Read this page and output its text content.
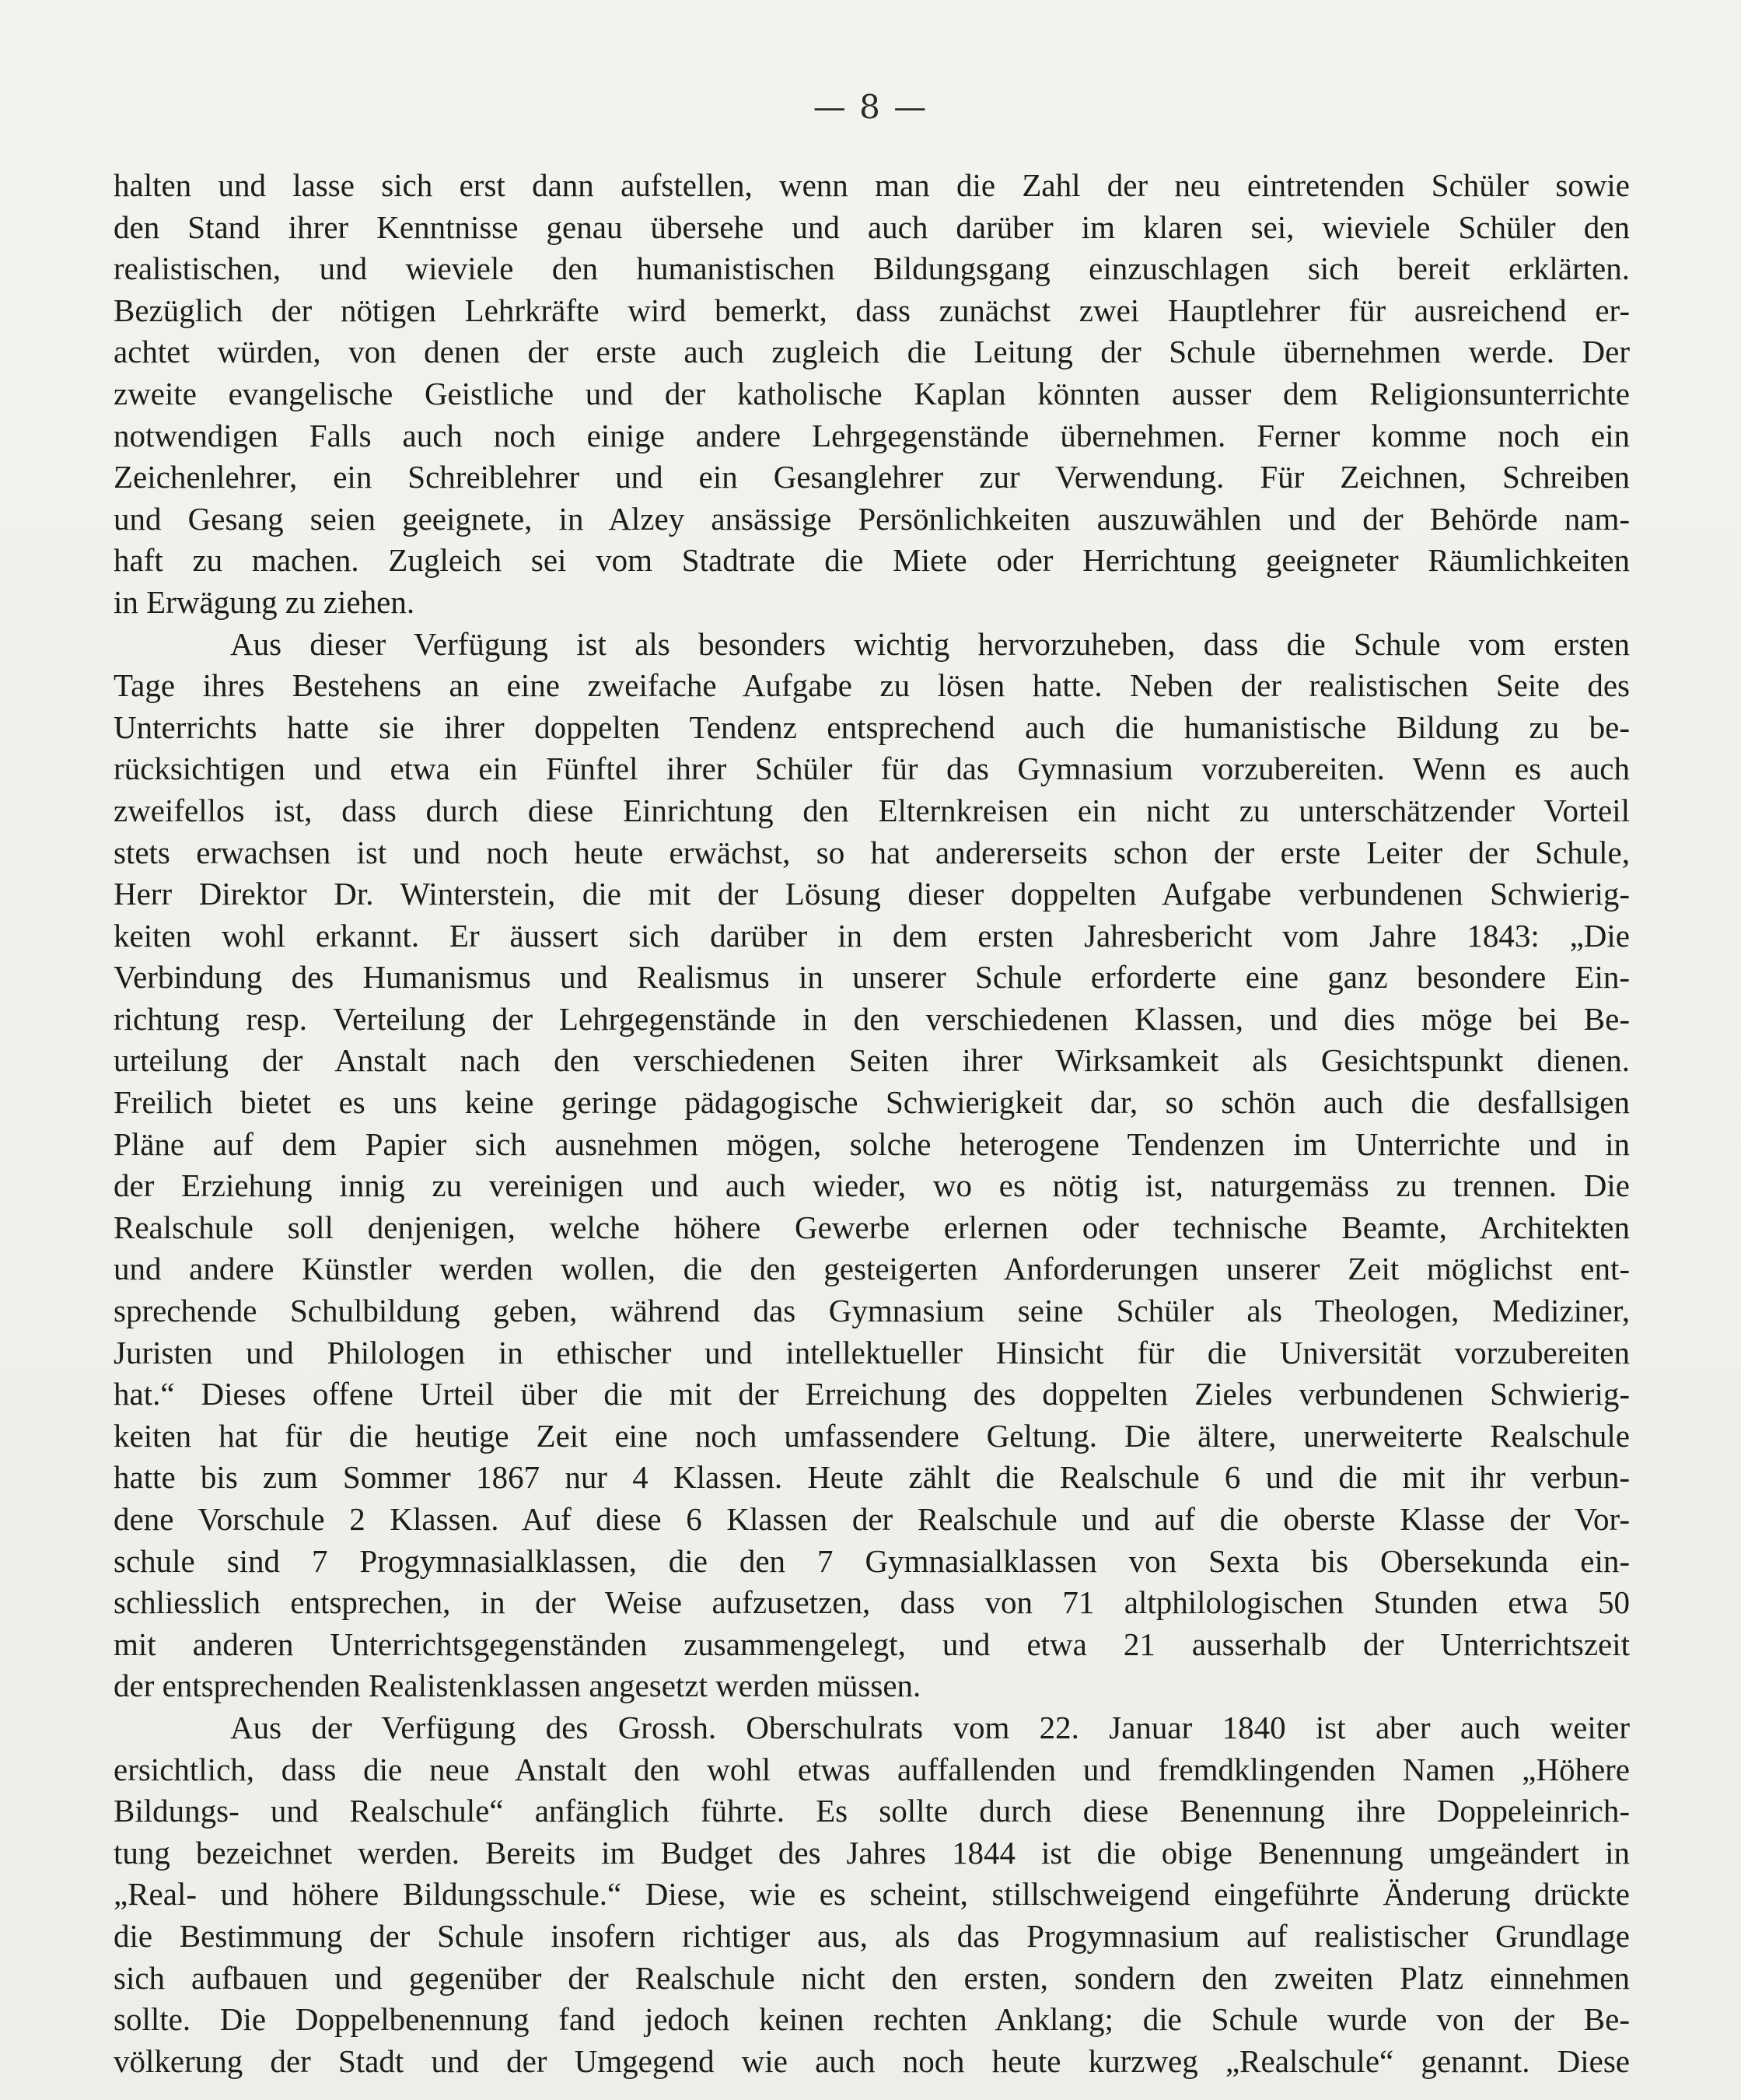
— 8 —
halten und lasse sich erst dann aufstellen, wenn man die Zahl der neu eintretenden Schüler sowie
den Stand ihrer Kenntnisse genau übersehe und auch darüber im klaren sei, wieviele Schüler den
realistischen, und wieviele den humanistischen Bildungsgang einzuschlagen sich bereit erklärten.
Bezüglich der nötigen Lehrkräfte wird bemerkt, dass zunächst zwei Hauptlehrer für ausreichend er-
achtet würden, von denen der erste auch zugleich die Leitung der Schule übernehmen werde. Der
zweite evangelische Geistliche und der katholische Kaplan könnten ausser dem Religionsunterrichte
notwendigen Falls auch noch einige andere Lehrgegenstände übernehmen. Ferner komme noch ein
Zeichenlehrer, ein Schreiblehrer und ein Gesanglehrer zur Verwendung. Für Zeichnen, Schreiben
und Gesang seien geeignete, in Alzey ansässige Persönlichkeiten auszuwählen und der Behörde nam-
haft zu machen. Zugleich sei vom Stadtrate die Miete oder Herrichtung geeigneter Räumlichkeiten
in Erwägung zu ziehen.
Aus dieser Verfügung ist als besonders wichtig hervorzuheben, dass die Schule vom ersten
Tage ihres Bestehens an eine zweifache Aufgabe zu lösen hatte. Neben der realistischen Seite des
Unterrichts hatte sie ihrer doppelten Tendenz entsprechend auch die humanistische Bildung zu be-
rücksichtigen und etwa ein Fünftel ihrer Schüler für das Gymnasium vorzubereiten. Wenn es auch
zweifellos ist, dass durch diese Einrichtung den Elternkreisen ein nicht zu unterschätzender Vorteil
stets erwachsen ist und noch heute erwächst, so hat andererseits schon der erste Leiter der Schule,
Herr Direktor Dr. Winterstein, die mit der Lösung dieser doppelten Aufgabe verbundenen Schwierig-
keiten wohl erkannt. Er äussert sich darüber in dem ersten Jahresbericht vom Jahre 1843: „Die
Verbindung des Humanismus und Realismus in unserer Schule erforderte eine ganz besondere Ein-
richtung resp. Verteilung der Lehrgegenstände in den verschiedenen Klassen, und dies möge bei Be-
urteilung der Anstalt nach den verschiedenen Seiten ihrer Wirksamkeit als Gesichtspunkt dienen.
Freilich bietet es uns keine geringe pädagogische Schwierigkeit dar, so schön auch die desfallsigen
Pläne auf dem Papier sich ausnehmen mögen, solche heterogene Tendenzen im Unterrichte und in
der Erziehung innig zu vereinigen und auch wieder, wo es nötig ist, naturgemäss zu trennen. Die
Realschule soll denjenigen, welche höhere Gewerbe erlernen oder technische Beamte, Architekten
und andere Künstler werden wollen, die den gesteigerten Anforderungen unserer Zeit möglichst ent-
sprechende Schulbildung geben, während das Gymnasium seine Schüler als Theologen, Mediziner,
Juristen und Philologen in ethischer und intellektueller Hinsicht für die Universität vorzubereiten
hat.“ Dieses offene Urteil über die mit der Erreichung des doppelten Zieles verbundenen Schwierig-
keiten hat für die heutige Zeit eine noch umfassendere Geltung. Die ältere, unerweiterte Realschule
hatte bis zum Sommer 1867 nur 4 Klassen. Heute zählt die Realschule 6 und die mit ihr verbun-
dene Vorschule 2 Klassen. Auf diese 6 Klassen der Realschule und auf die oberste Klasse der Vor-
schule sind 7 Progymnasialklassen, die den 7 Gymnasialklassen von Sexta bis Obersekunda ein-
schliesslich entsprechen, in der Weise aufzusetzen, dass von 71 altphilologischen Stunden etwa 50
mit anderen Unterrichtsgegenständen zusammengelegt, und etwa 21 ausserhalb der Unterrichtszeit
der entsprechenden Realistenklassen angesetzt werden müssen.
Aus der Verfügung des Grossh. Oberschulrats vom 22. Januar 1840 ist aber auch weiter
ersichtlich, dass die neue Anstalt den wohl etwas auffallenden und fremdklingenden Namen „Höhere
Bildungs- und Realschule“ anfänglich führte. Es sollte durch diese Benennung ihre Doppeleinrich-
tung bezeichnet werden. Bereits im Budget des Jahres 1844 ist die obige Benennung umgeändert in
„Real- und höhere Bildungsschule.“ Diese, wie es scheint, stillschweigend eingeführte Änderung drückte
die Bestimmung der Schule insofern richtiger aus, als das Progymnasium auf realistischer Grundlage
sich aufbauen und gegenüber der Realschule nicht den ersten, sondern den zweiten Platz einnehmen
sollte. Die Doppelbenennung fand jedoch keinen rechten Anklang; die Schule wurde von der Be-
völkerung der Stadt und der Umgegend wie auch noch heute kurzweg „Realschule“ genannt. Diese
